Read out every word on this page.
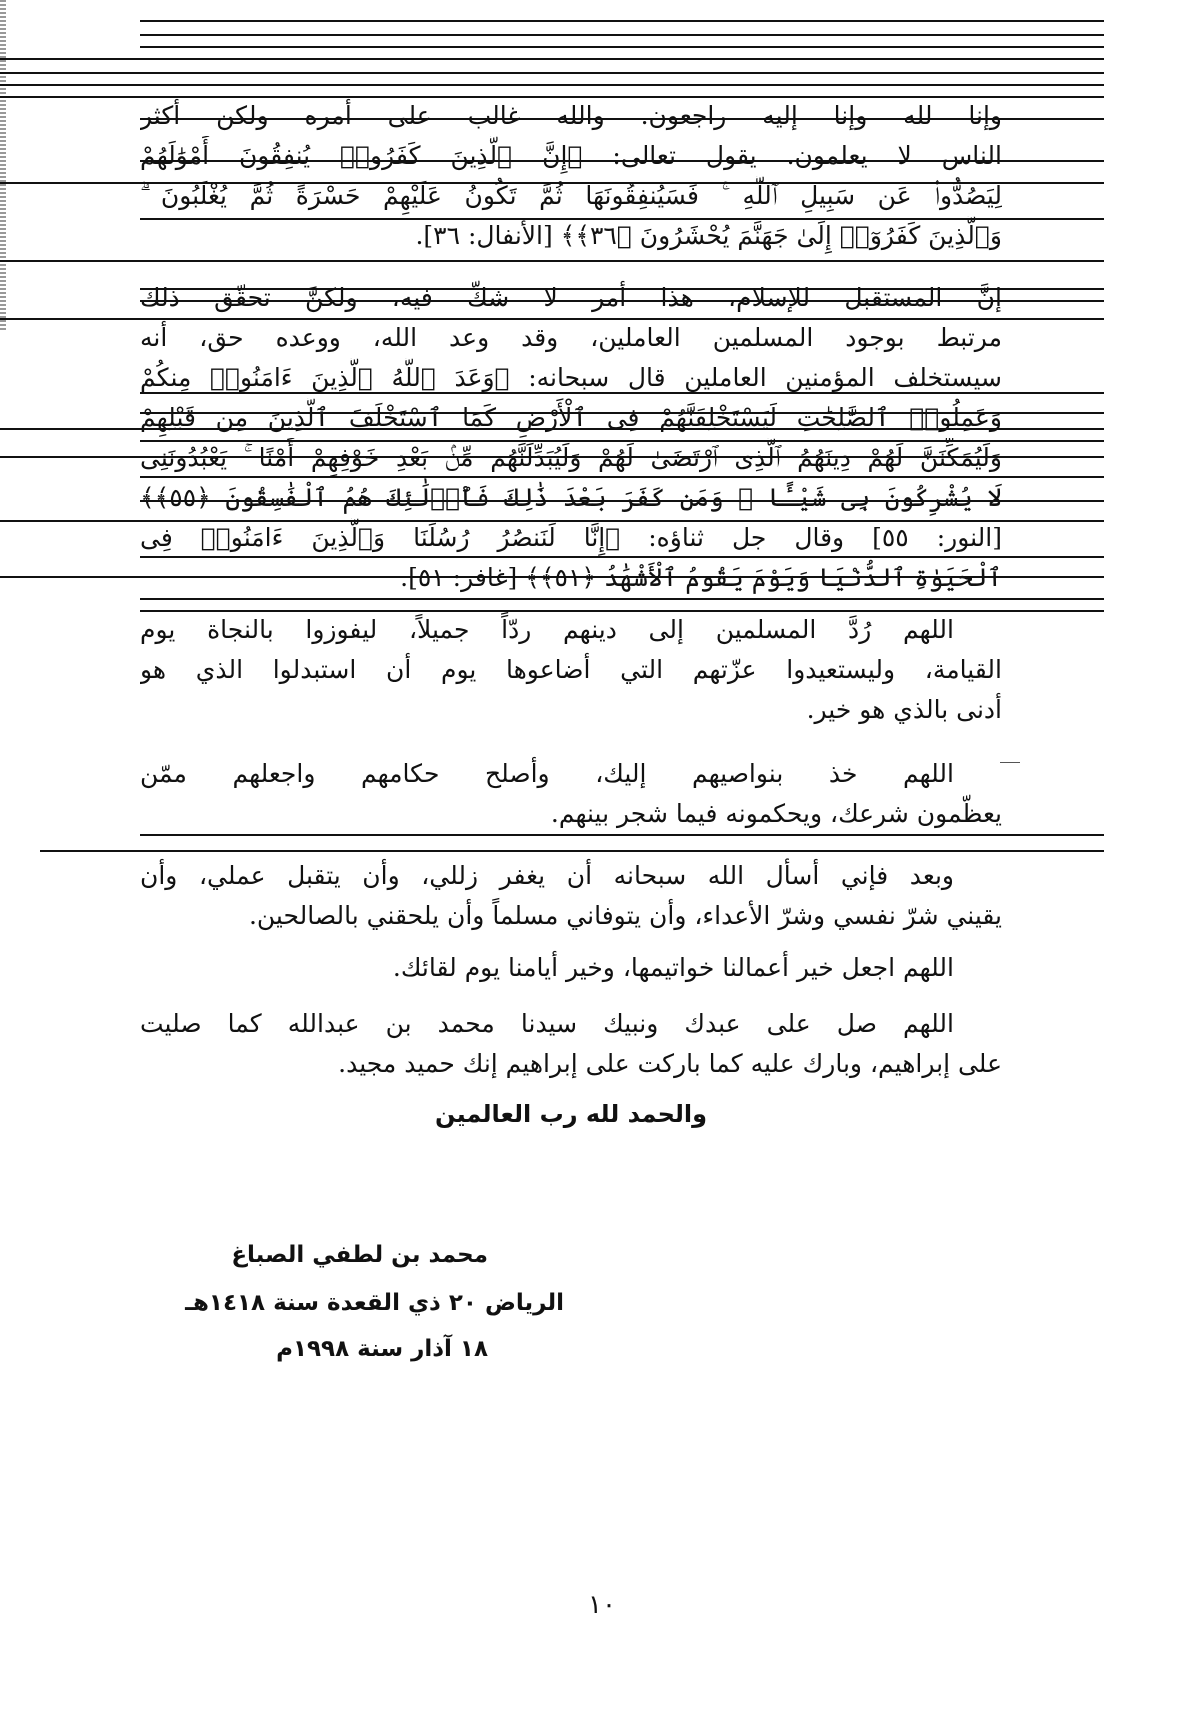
وإنا لله وإنا إليه راجعون. والله غالب على أمره ولكن أكثر
الناس لا يعلمون. يقول تعالى: ﴿إِنَّ ٱلَّذِينَ كَفَرُوا۟ يُنفِقُونَ أَمْوَٰلَهُمْ
لِيَصُدُّوا۟ عَن سَبِيلِ ٱللَّهِ ۚ فَسَيُنفِقُونَهَا ثُمَّ تَكُونُ عَلَيْهِمْ حَسْرَةً ثُمَّ يُغْلَبُونَ ۗ
وَٱلَّذِينَ كَفَرُوٓا۟ إِلَىٰ جَهَنَّمَ يُحْشَرُونَ ﴿٣٦﴾﴾ [الأنفال: ٣٦].
إنَّ المستقبل للإسلام، هذا أمر لا شكّ فيه، ولكنَّ تحقّق ذلك
مرتبط بوجود المسلمين العاملين، وقد وعد الله، ووعده حق، أنه
سيستخلف المؤمنين العاملين قال سبحانه: ﴿وَعَدَ ٱللَّهُ ٱلَّذِينَ ءَامَنُوا۟ مِنكُمْ
وَعَمِلُوا۟ ٱلصَّٰلِحَٰتِ لَيَسْتَخْلِفَنَّهُمْ فِى ٱلْأَرْضِ كَمَا ٱسْتَخْلَفَ ٱلَّذِينَ مِن قَبْلِهِمْ
وَلَيُمَكِّنَنَّ لَهُمْ دِينَهُمُ ٱلَّذِى ٱرْتَضَىٰ لَهُمْ وَلَيُبَدِّلَنَّهُم مِّنۢ بَعْدِ خَوْفِهِمْ أَمْنًا ۚ يَعْبُدُونَنِى
لَا يُشْرِكُونَ بِى شَيْـًٔا ۚ وَمَن كَفَرَ بَعْدَ ذَٰلِكَ فَأُو۟لَٰٓئِكَ هُمُ ٱلْفَٰسِقُونَ ﴿٥٥﴾﴾
[النور: ٥٥] وقال جل ثناؤه: ﴿إِنَّا لَنَنصُرُ رُسُلَنَا وَٱلَّذِينَ ءَامَنُوا۟ فِى
ٱلْحَيَوٰةِ ٱلدُّنْيَا وَيَوْمَ يَقُومُ ٱلْأَشْهَٰدُ ﴿٥١﴾﴾ [غافر: ٥١].
اللهم رُدَّ المسلمين إلى دينهم ردّاً جميلاً، ليفوزوا بالنجاة يوم
القيامة، وليستعيدوا عزّتهم التي أضاعوها يوم أن استبدلوا الذي هو
أدنى بالذي هو خير.
اللهم خذ بنواصيهم إليك، وأصلح حكامهم واجعلهم ممّن
يعظّمون شرعك، ويحكمونه فيما شجر بينهم.
وبعد فإني أسأل الله سبحانه أن يغفر زللي، وأن يتقبل عملي، وأن
يقيني شرّ نفسي وشرّ الأعداء، وأن يتوفاني مسلماً وأن يلحقني بالصالحين.
اللهم اجعل خير أعمالنا خواتيمها، وخير أيامنا يوم لقائك.
اللهم صل على عبدك ونبيك سيدنا محمد بن عبدالله كما صليت
على إبراهيم، وبارك عليه كما باركت على إبراهيم إنك حميد مجيد.
والحمد لله رب العالمين
محمد بن لطفي الصباغ
الرياض ٢٠ ذي القعدة سنة ١٤١٨هـ
١٨ آذار سنة ١٩٩٨م
١٠
